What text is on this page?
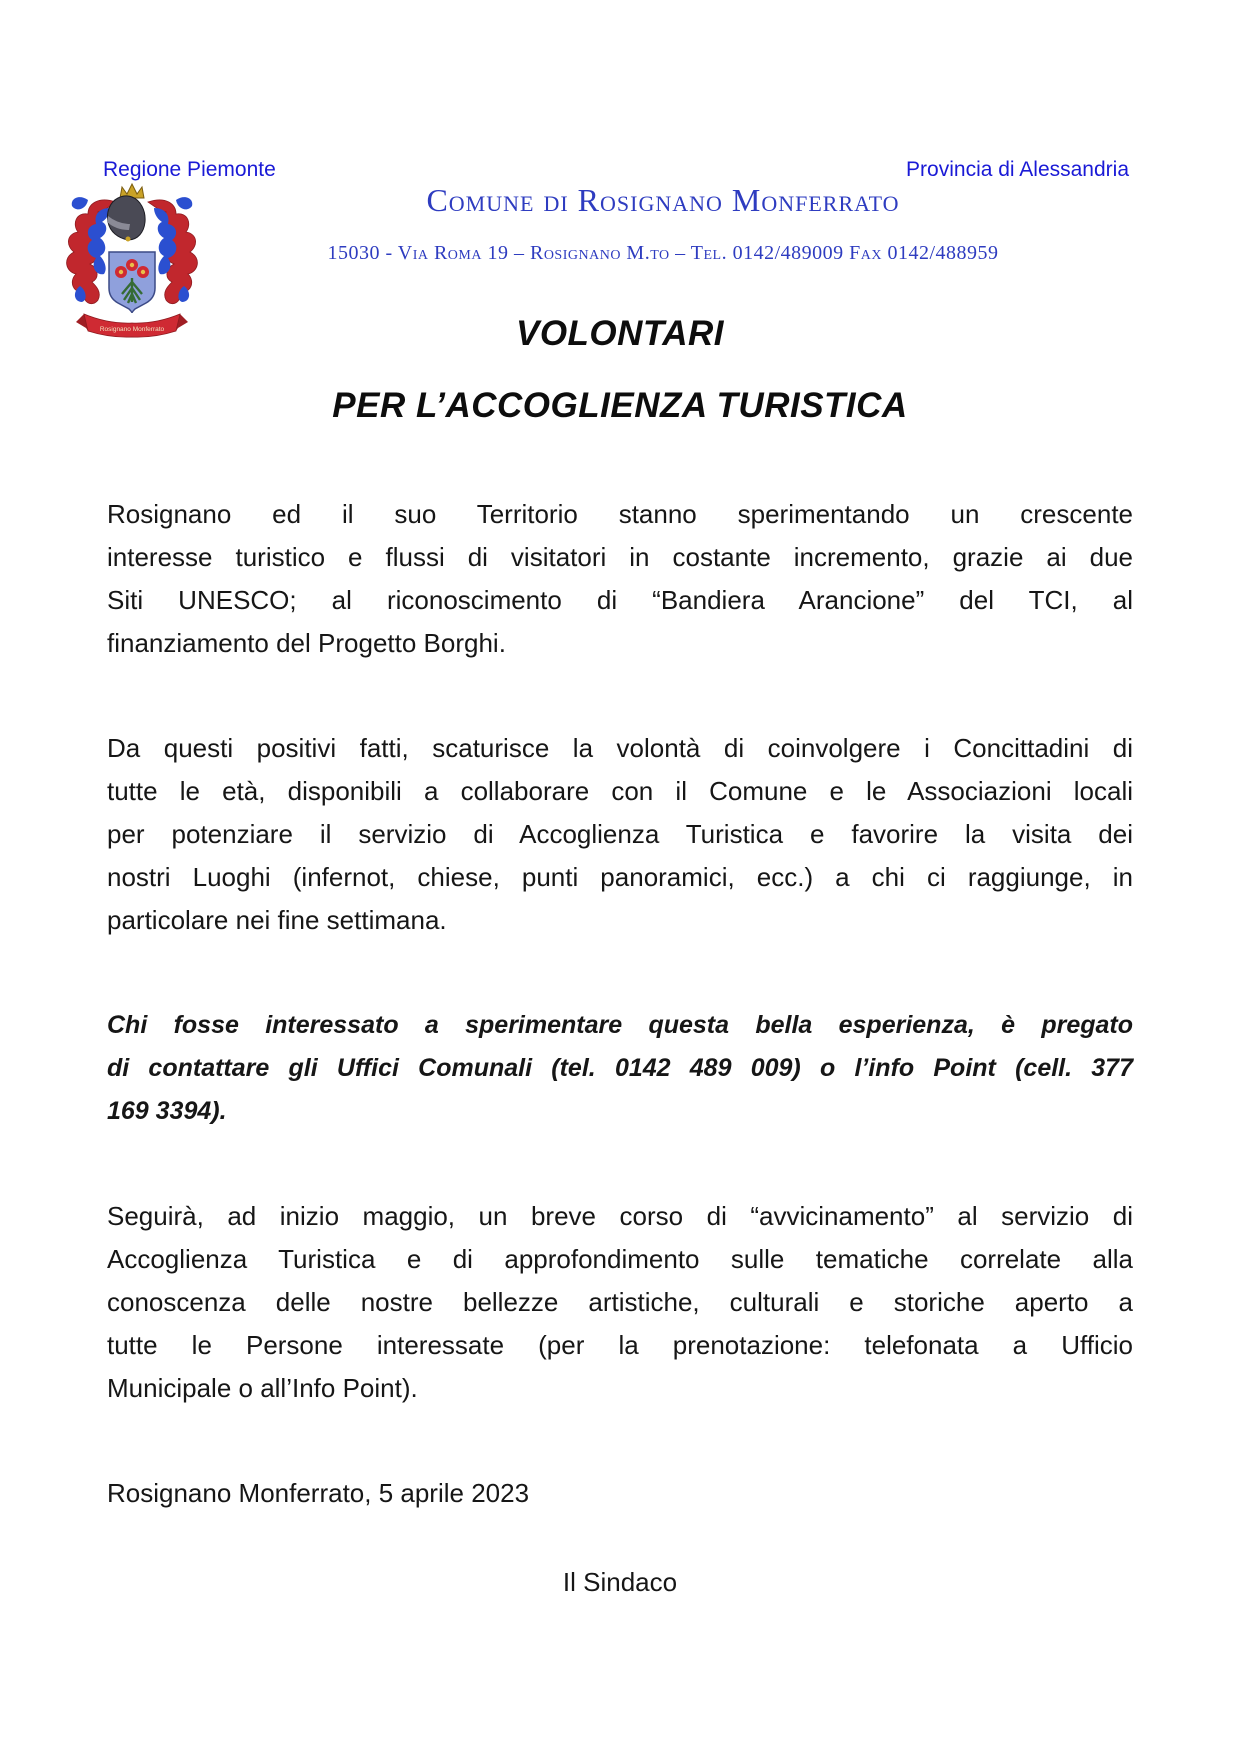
Regione Piemonte	Provincia di Alessandria
Rosignano Monferrato
Comune di Rosignano Monferrato
15030 - Via Roma 19 – Rosignano M.to – Tel. 0142/489009 Fax 0142/488959
VOLONTARI
PER L’ACCOGLIENZA TURISTICA

Rosignano ed il suo Territorio stanno sperimentando un crescente
interesse turistico e flussi di visitatori in costante incremento, grazie ai due
Siti UNESCO; al riconoscimento di “Bandiera Arancione” del TCI, al
finanziamento del Progetto Borghi.

Da questi positivi fatti, scaturisce la volontà di coinvolgere i Concittadini di
tutte le età, disponibili a collaborare con il Comune e le Associazioni locali
per potenziare il servizio di Accoglienza Turistica e favorire la visita dei
nostri Luoghi (infernot, chiese, punti panoramici, ecc.) a chi ci raggiunge, in
particolare nei fine settimana.

Chi fosse interessato a sperimentare questa bella esperienza, è pregato
di contattare gli Uffici Comunali (tel. 0142 489 009) o l’info Point (cell. 377
169 3394).

Seguirà, ad inizio maggio, un breve corso di “avvicinamento” al servizio di
Accoglienza Turistica e di approfondimento sulle tematiche correlate alla
conoscenza delle nostre bellezze artistiche, culturali e storiche aperto a
tutte le Persone interessate (per la prenotazione: telefonata a Ufficio
Municipale o all’Info Point).

Rosignano Monferrato, 5 aprile 2023

Il Sindaco
